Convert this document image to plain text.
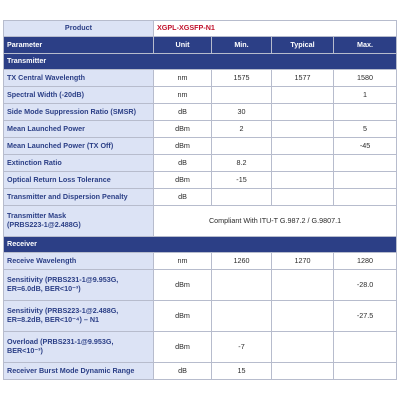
Product	XGPL-XGSFP-N1			
Parameter	Unit	Min.	Typical	Max.
Transmitter				

TX Central Wavelength	nm	1575	1577	1580

Spectral Width (-20dB)	nm			1

Side Mode Suppression Ratio (SMSR)	dB	30		

Mean Launched Power	dBm	2		5

Mean Launched Power (TX Off)	dBm			-45

Extinction Ratio	dB	8.2		

Optical Return Loss Tolerance	dBm	-15		

Transmitter and Dispersion Penalty	dB			

Transmitter Mask
(PRBS223-1@2.488G)	Compliant With ITU-T G.987.2 / G.9807.1			
Receiver				

Receive Wavelength	nm	1260	1270	1280

Sensitivity (PRBS231-1@9.953G,
ER=6.0dB, BER<10⁻³)	dBm			-28.0

Sensitivity (PRBS223-1@2.488G,
ER=8.2dB, BER<10⁻⁴) – N1	dBm			-27.5

Overload (PRBS231-1@9.953G,
BER<10⁻³)	dBm	-7		

Receiver Burst Mode Dynamic Range	dB	15		
